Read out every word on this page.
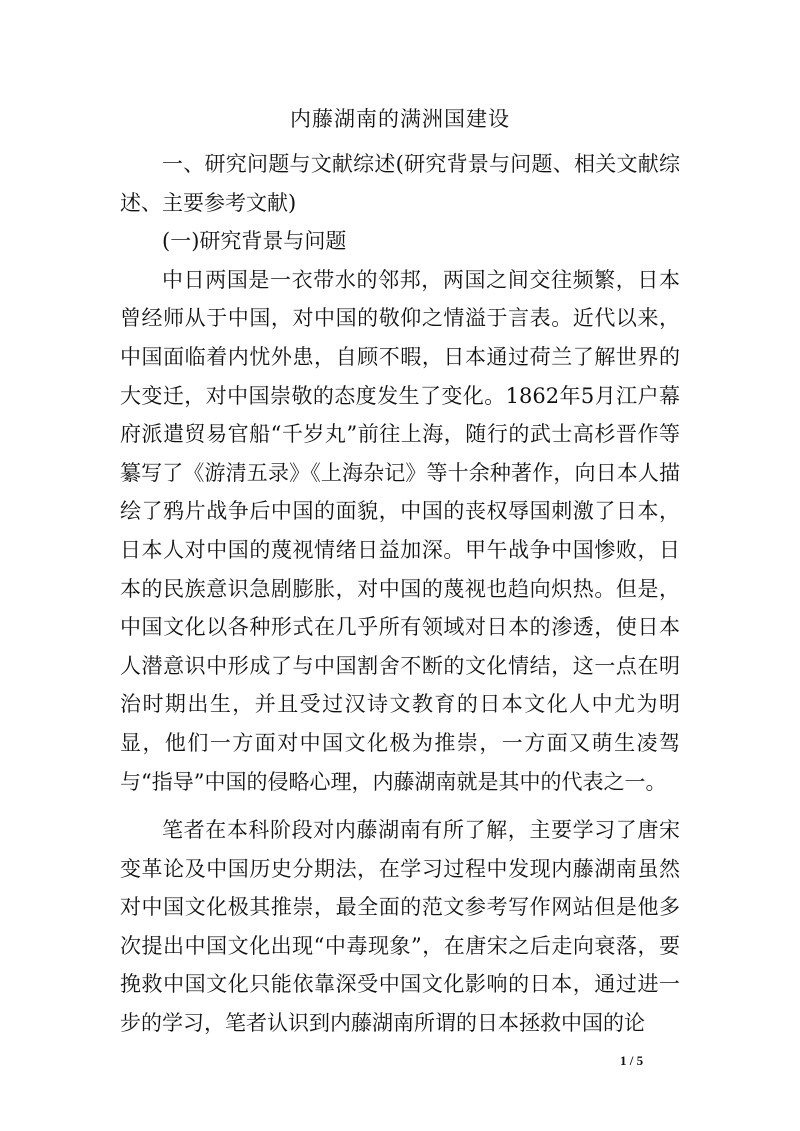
内藤湖南的满洲国建设

一、研究问题与文献综述(研究背景与问题、相关文献综述、主要参考文献)

(一)研究背景与问题

中日两国是一衣带水的邻邦，两国之间交往频繁，日本曾经师从于中国，对中国的敬仰之情溢于言表。近代以来，中国面临着内忧外患，自顾不暇，日本通过荷兰了解世界的大变迁，对中国崇敬的态度发生了变化。1862年5月江户幕府派遣贸易官船“千岁丸”前往上海，随行的武士高杉晋作等纂写了《游清五录》《上海杂记》等十余种著作，向日本人描绘了鸦片战争后中国的面貌，中国的丧权辱国刺激了日本，日本人对中国的蔑视情绪日益加深。甲午战争中国惨败，日本的民族意识急剧膨胀，对中国的蔑视也趋向炽热。但是，中国文化以各种形式在几乎所有领域对日本的渗透，使日本人潜意识中形成了与中国割舍不断的文化情结，这一点在明治时期出生，并且受过汉诗文教育的日本文化人中尤为明显，他们一方面对中国文化极为推崇，一方面又萌生凌驾与“指导”中国的侵略心理，内藤湖南就是其中的代表之一。

笔者在本科阶段对内藤湖南有所了解，主要学习了唐宋变革论及中国历史分期法，在学习过程中发现内藤湖南虽然对中国文化极其推崇，最全面的范文参考写作网站但是他多次提出中国文化出现“中毒现象”，在唐宋之后走向衰落，要挽救中国文化只能依靠深受中国文化影响的日本，通过进一步的学习，笔者认识到内藤湖南所谓的日本拯救中国的论

1 / 5
